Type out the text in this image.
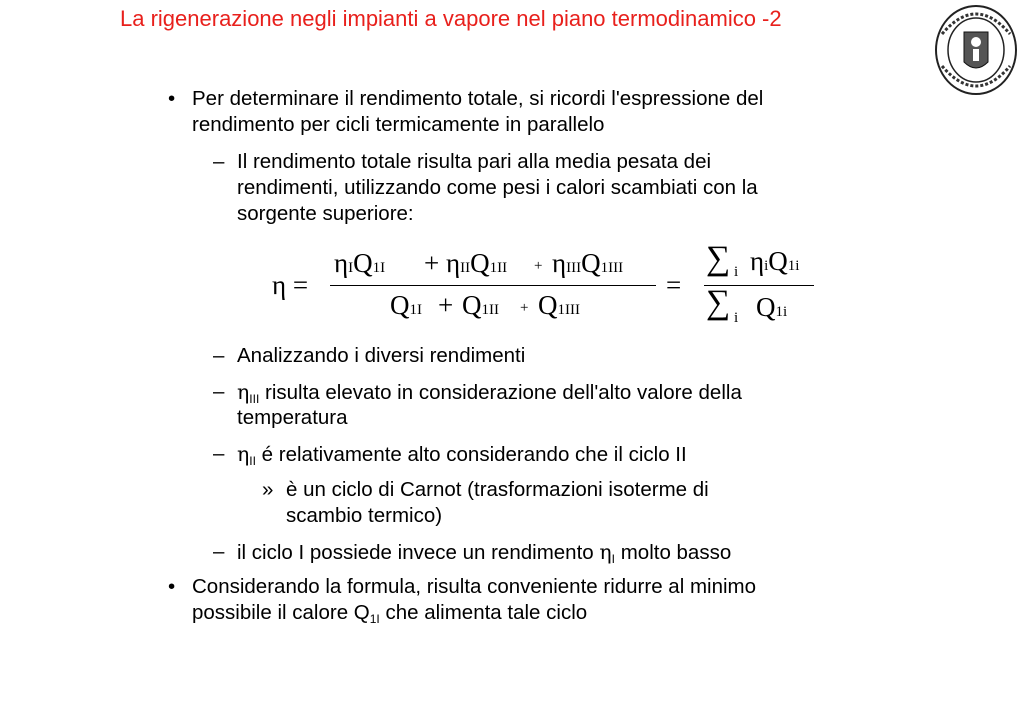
La rigenerazione negli impianti a vapore nel piano termodinamico -2
• Per determinare il rendimento totale, si ricordi l'espressione del
rendimento per cicli termicamente in parallelo
– Il rendimento totale risulta pari alla media pesata dei
rendimenti, utilizzando come pesi i calori scambiati con la
sorgente superiore:
η =
ηIQ1I + ηIIQ1II + ηIIIQ1III
Q1I + Q1II + Q1III
=
∑ i ηiQ1i
∑ i Q1i
– Analizzando i diversi rendimenti
– $\eta_{III}$ risulta elevato in considerazione dell'alto valore della
temperatura
– $\eta_{II}$ é relativamente alto considerando che il ciclo II
» è un ciclo di Carnot (trasformazioni isoterme di
scambio termico)
– il ciclo I possiede invece un rendimento $\eta_I$ molto basso
• Considerando la formula, risulta conveniente ridurre al minimo
possibile il calore $Q_{1I}$ che alimenta tale ciclo
